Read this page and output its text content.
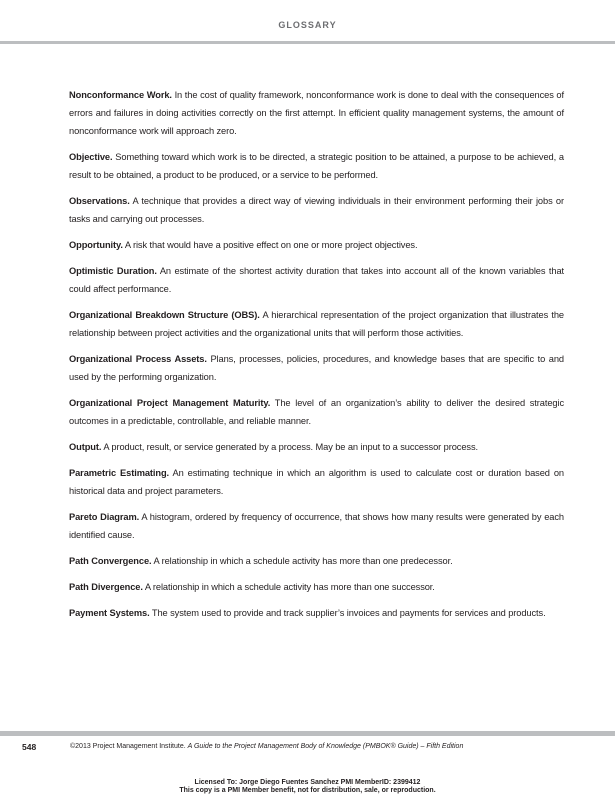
GLOSSARY

Nonconformance Work. In the cost of quality framework, nonconformance work is done to deal with the consequences of errors and failures in doing activities correctly on the first attempt. In efficient quality management systems, the amount of nonconformance work will approach zero.

Objective. Something toward which work is to be directed, a strategic position to be attained, a purpose to be achieved, a result to be obtained, a product to be produced, or a service to be performed.

Observations. A technique that provides a direct way of viewing individuals in their environment performing their jobs or tasks and carrying out processes.

Opportunity. A risk that would have a positive effect on one or more project objectives.

Optimistic Duration. An estimate of the shortest activity duration that takes into account all of the known variables that could affect performance.

Organizational Breakdown Structure (OBS). A hierarchical representation of the project organization that illustrates the relationship between project activities and the organizational units that will perform those activities.

Organizational Process Assets. Plans, processes, policies, procedures, and knowledge bases that are specific to and used by the performing organization.

Organizational Project Management Maturity. The level of an organization’s ability to deliver the desired strategic outcomes in a predictable, controllable, and reliable manner.

Output. A product, result, or service generated by a process. May be an input to a successor process.

Parametric Estimating. An estimating technique in which an algorithm is used to calculate cost or duration based on historical data and project parameters.

Pareto Diagram. A histogram, ordered by frequency of occurrence, that shows how many results were generated by each identified cause.

Path Convergence. A relationship in which a schedule activity has more than one predecessor.

Path Divergence. A relationship in which a schedule activity has more than one successor.

Payment Systems. The system used to provide and track supplier’s invoices and payments for services and products.

548	©2013 Project Management Institute. A Guide to the Project Management Body of Knowledge (PMBOK® Guide) – Fifth Edition
Licensed To: Jorge Diego Fuentes Sanchez PMI MemberID: 2399412
This copy is a PMI Member benefit, not for distribution, sale, or reproduction.
